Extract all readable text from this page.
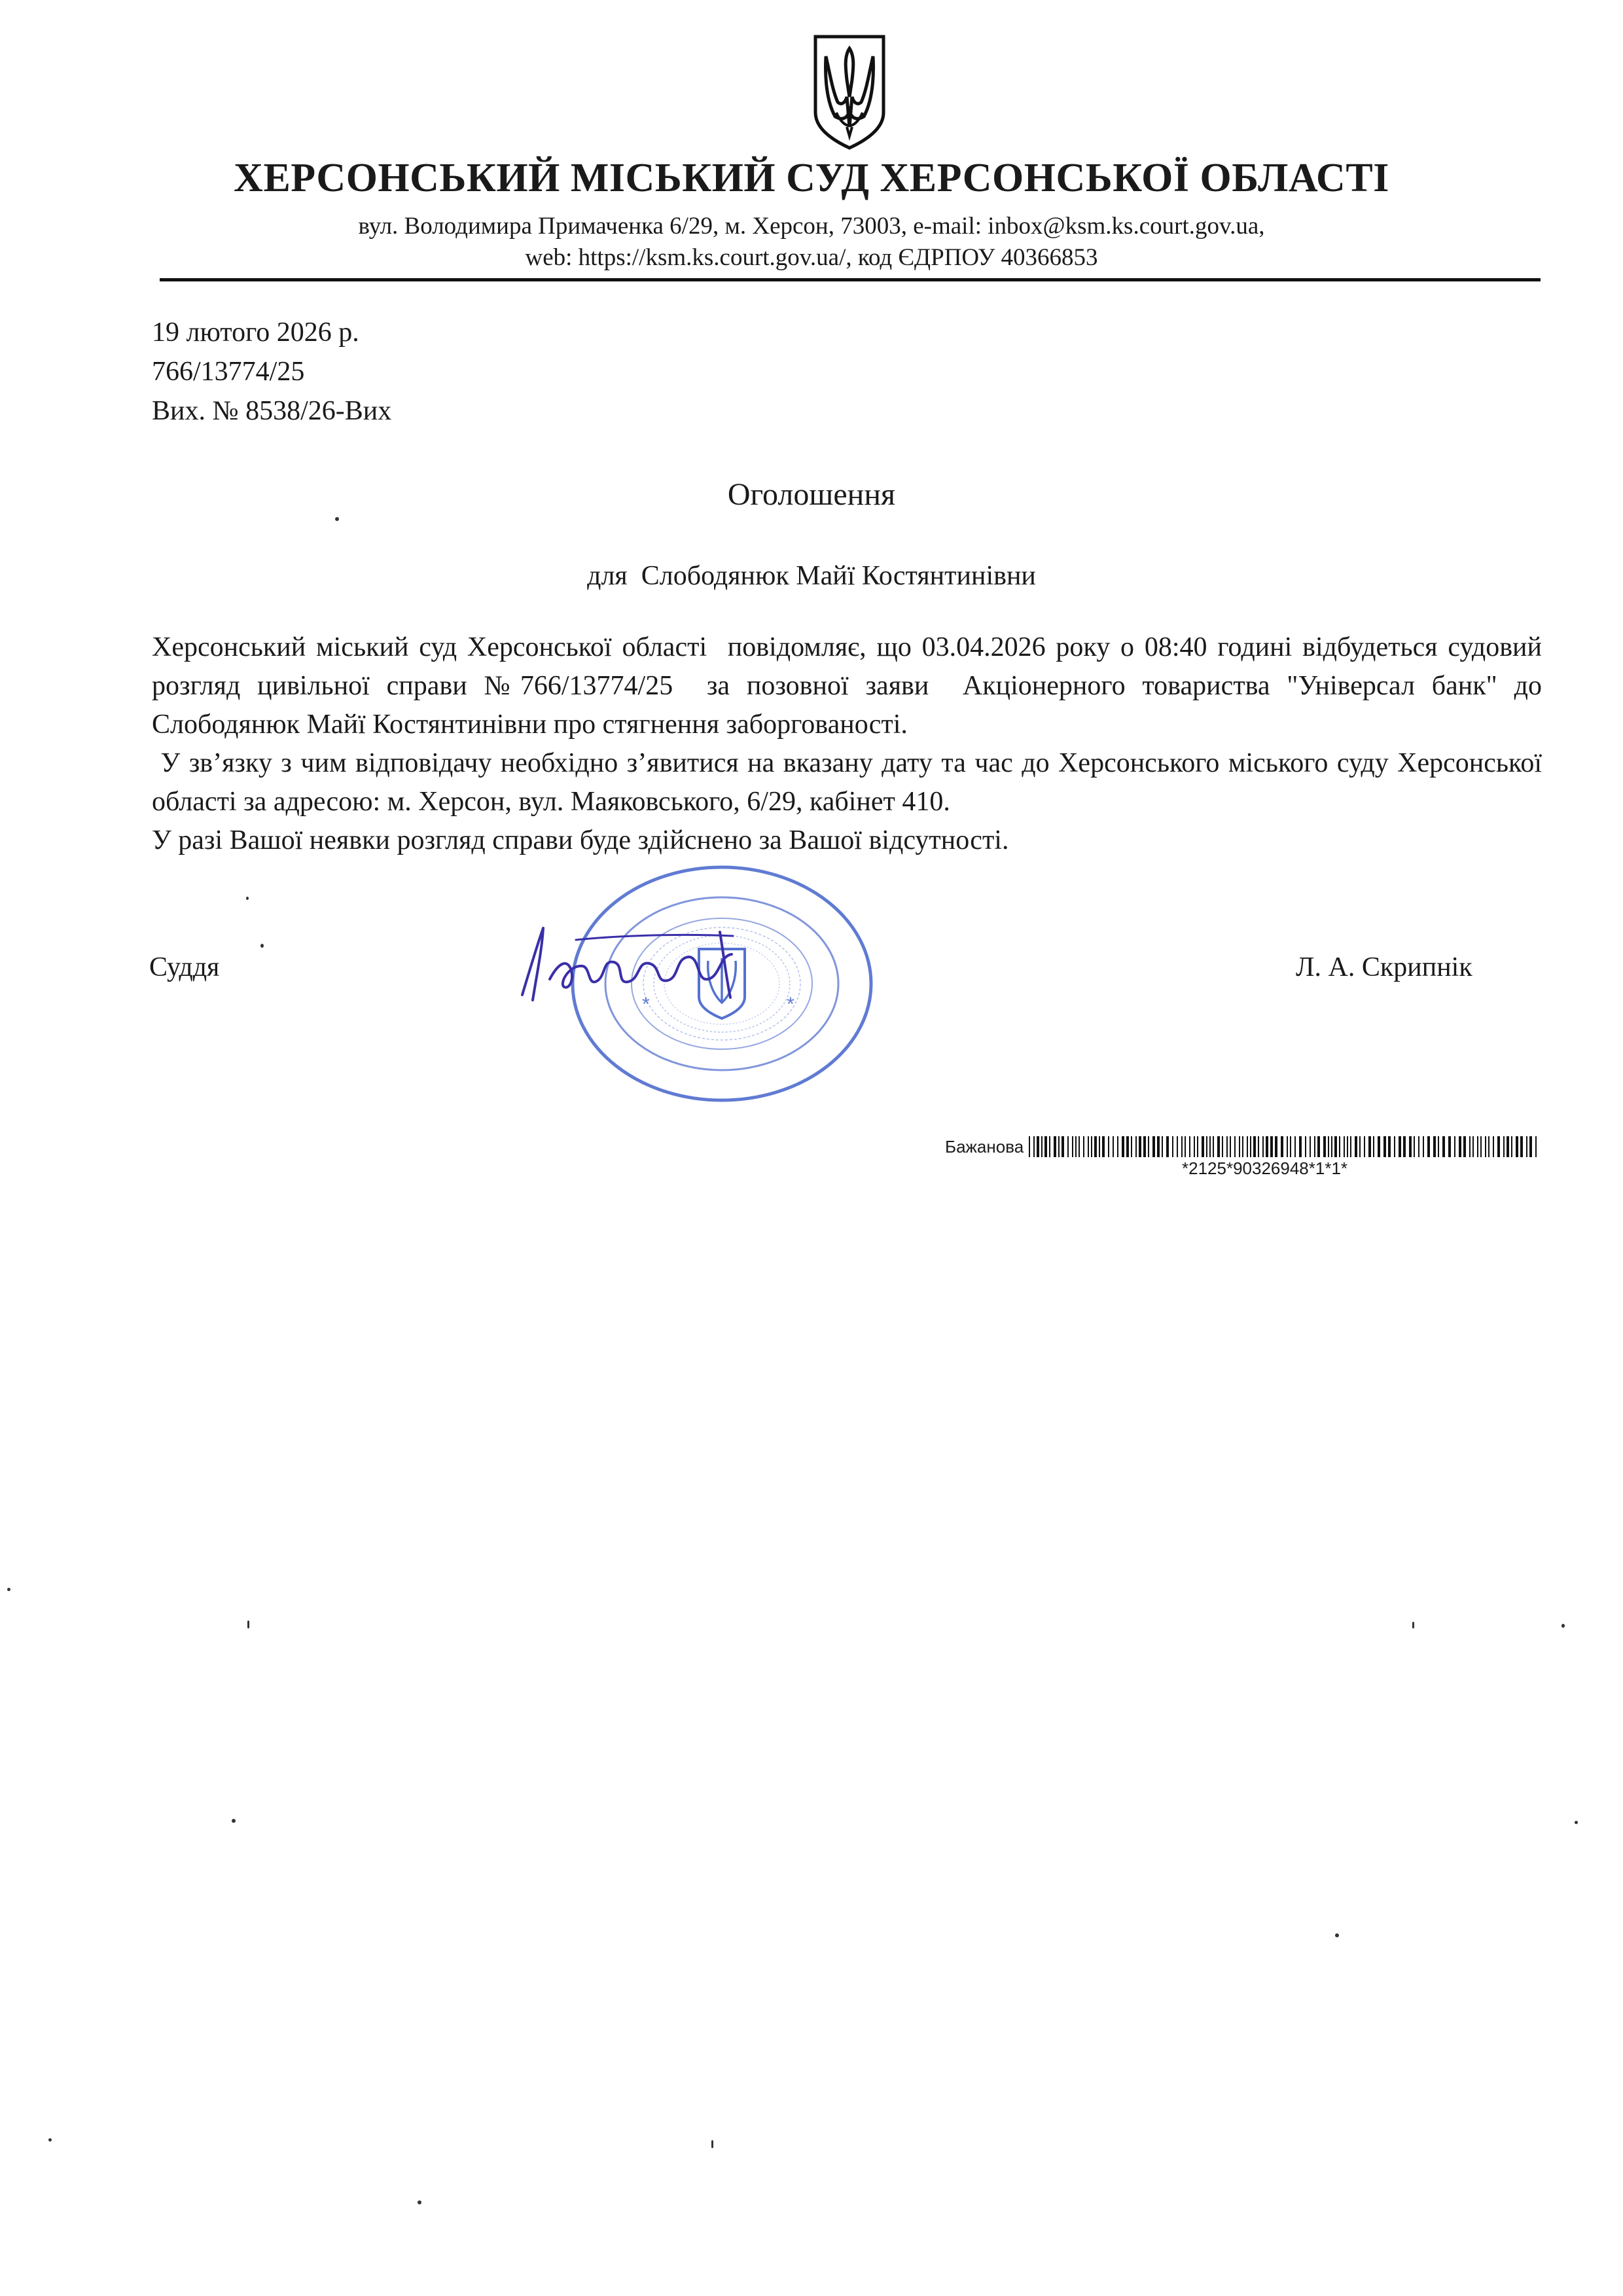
ХЕРСОНСЬКИЙ МІСЬКИЙ СУД ХЕРСОНСЬКОЇ ОБЛАСТІ
вул. Володимира Примаченка 6/29, м. Херсон, 73003, e-mail: inbox@ksm.ks.court.gov.ua,
web: https://ksm.ks.court.gov.ua/, код ЄДРПОУ 40366853
19 лютого 2026 р.
766/13774/25
Вих. № 8538/26-Вих
Оголошення
для  Слободянюк Майї Костянтинівни

Херсонський міський суд Херсонської області  повідомляє, що 03.04.2026 року о 08:40 годині відбудеться судовий розгляд цивільної справи №766/13774/25  за позовної заяви  Акціонерного товариства "Універсал банк" до Слободянюк Майї Костянтинівни про стягнення заборгованості.

У зв’язку з чим відповідачу необхідно з’явитися на вказану дату та час до Херсонського міського суду Херсонської області за адресою: м. Херсон, вул. Маяковського, 6/29, кабінет 410.

У разі Вашої неявки розгляд справи буде здійснено за Вашої відсутності.

Суддя	Л. А. Скрипнік
*	*
Бажанова
*2125*90326948*1*1*
